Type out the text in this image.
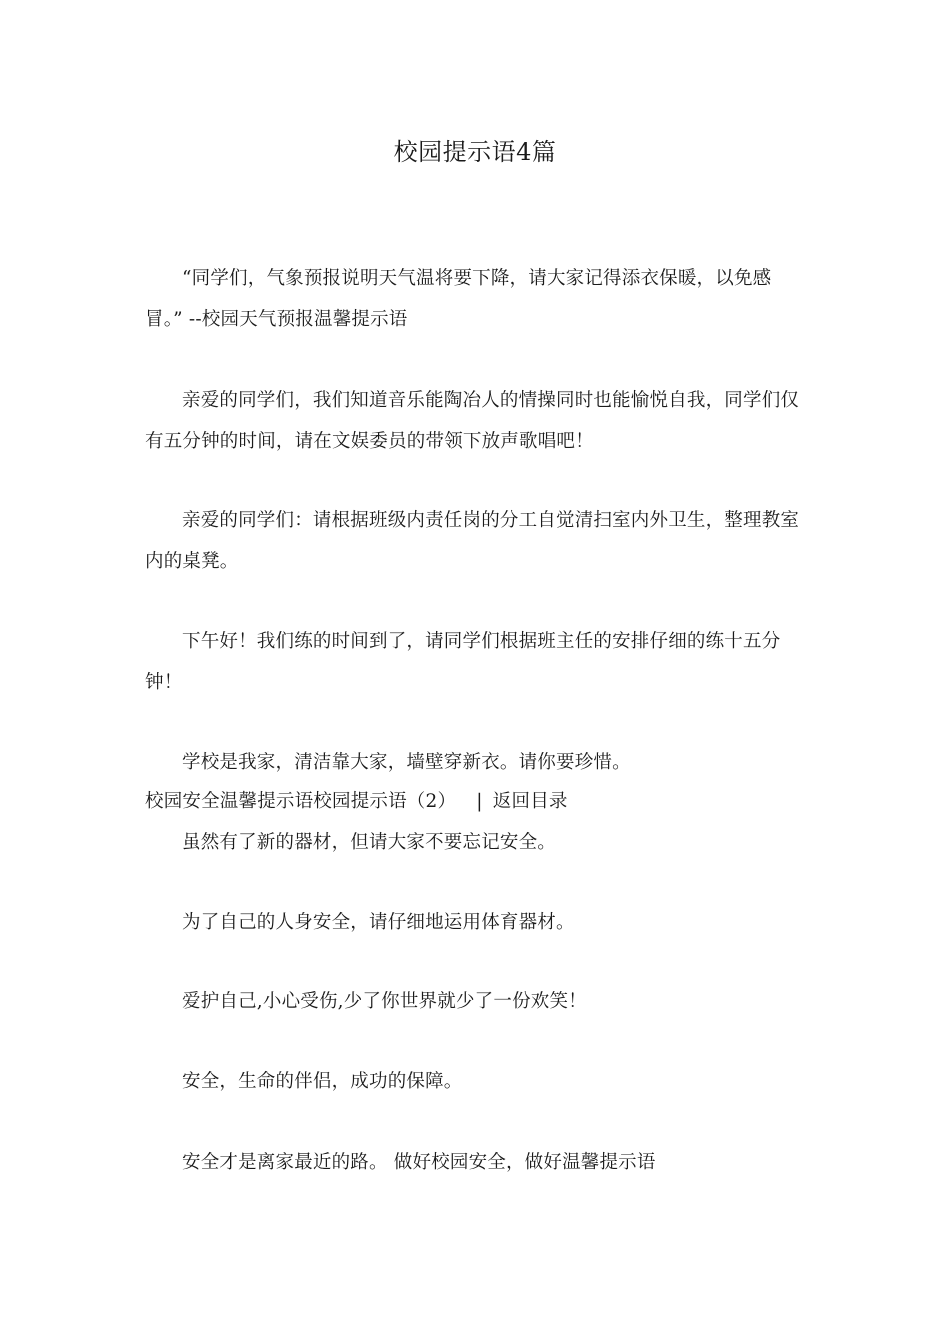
校园提示语4篇

“同学们，气象预报说明天气温将要下降，请大家记得添衣保暖，以免感冒。” --校园天气预报温馨提示语

亲爱的同学们，我们知道音乐能陶冶人的情操同时也能愉悦自我，同学们仅有五分钟的时间，请在文娱委员的带领下放声歌唱吧！

亲爱的同学们：请根据班级内责任岗的分工自觉清扫室内外卫生，整理教室内的桌凳。

下午好！我们练的时间到了，请同学们根据班主任的安排仔细的练十五分钟！

学校是我家，清洁靠大家，墙壁穿新衣。请你要珍惜。

校园安全温馨提示语校园提示语（2） | 返回目录

虽然有了新的器材，但请大家不要忘记安全。

为了自己的人身安全，请仔细地运用体育器材。

爱护自己,小心受伤,少了你世界就少了一份欢笑！

安全，生命的伴侣，成功的保障。

安全才是离家最近的路。 做好校园安全，做好温馨提示语
